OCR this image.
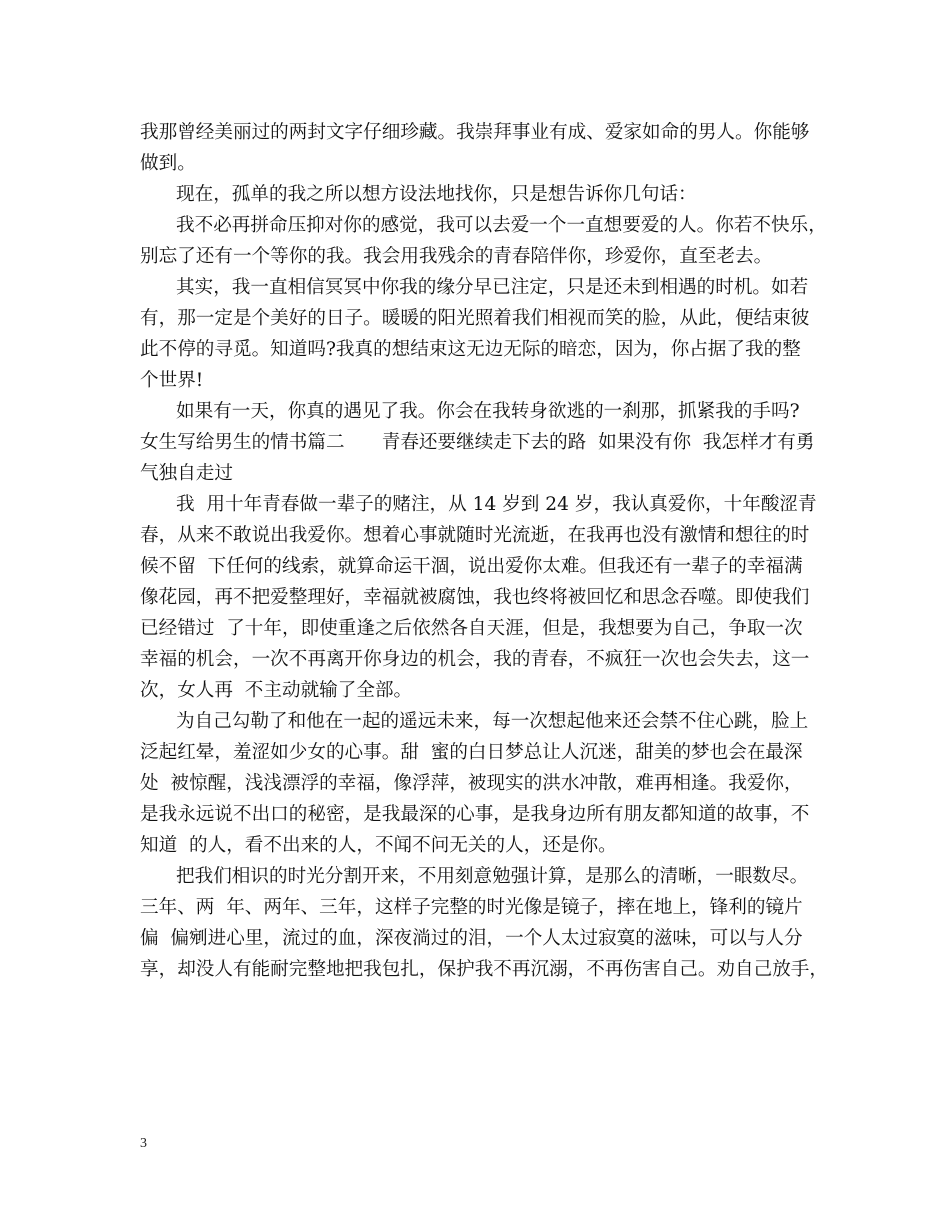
我那曾经美丽过的两封文字仔细珍藏。我崇拜事业有成、爱家如命的男人。你能够
做到。
现在，孤单的我之所以想方设法地找你，只是想告诉你几句话：
我不必再拼命压抑对你的感觉，我可以去爱一个一直想要爱的人。你若不快乐，
别忘了还有一个等你的我。我会用我残余的青春陪伴你，珍爱你，直至老去。
其实，我一直相信冥冥中你我的缘分早已注定，只是还未到相遇的时机。如若
有，那一定是个美好的日子。暖暖的阳光照着我们相视而笑的脸，从此，便结束彼
此不停的寻觅。知道吗?我真的想结束这无边无际的暗恋，因为，你占据了我的整
个世界!
如果有一天，你真的遇见了我。你会在我转身欲逃的一刹那，抓紧我的手吗?
女生写给男生的情书篇二　　青春还要继续走下去的路  如果没有你  我怎样才有勇
气独自走过
我  用十年青春做一辈子的赌注，从 14 岁到 24 岁，我认真爱你，十年酸涩青
春，从来不敢说出我爱你。想着心事就随时光流逝，在我再也没有激情和想往的时
候不留  下任何的线索，就算命运干涸，说出爱你太难。但我还有一辈子的幸福满
像花园，再不把爱整理好，幸福就被腐蚀，我也终将被回忆和思念吞噬。即使我们
已经错过  了十年，即使重逢之后依然各自天涯，但是，我想要为自己，争取一次
幸福的机会，一次不再离开你身边的机会，我的青春，不疯狂一次也会失去，这一
次，女人再  不主动就输了全部。
为自己勾勒了和他在一起的遥远未来，每一次想起他来还会禁不住心跳，脸上
泛起红晕，羞涩如少女的心事。甜  蜜的白日梦总让人沉迷，甜美的梦也会在最深
处  被惊醒，浅浅漂浮的幸福，像浮萍，被现实的洪水冲散，难再相逢。我爱你，
是我永远说不出口的秘密，是我最深的心事，是我身边所有朋友都知道的故事，不
知道  的人，看不出来的人，不闻不问无关的人，还是你。
把我们相识的时光分割开来，不用刻意勉强计算，是那么的清晰，一眼数尽。
三年、两  年、两年、三年，这样子完整的时光像是镜子，摔在地上，锋利的镜片
偏  偏剜进心里，流过的血，深夜淌过的泪，一个人太过寂寞的滋味，可以与人分
享，却没人有能耐完整地把我包扎，保护我不再沉溺，不再伤害自己。劝自己放手，
3
